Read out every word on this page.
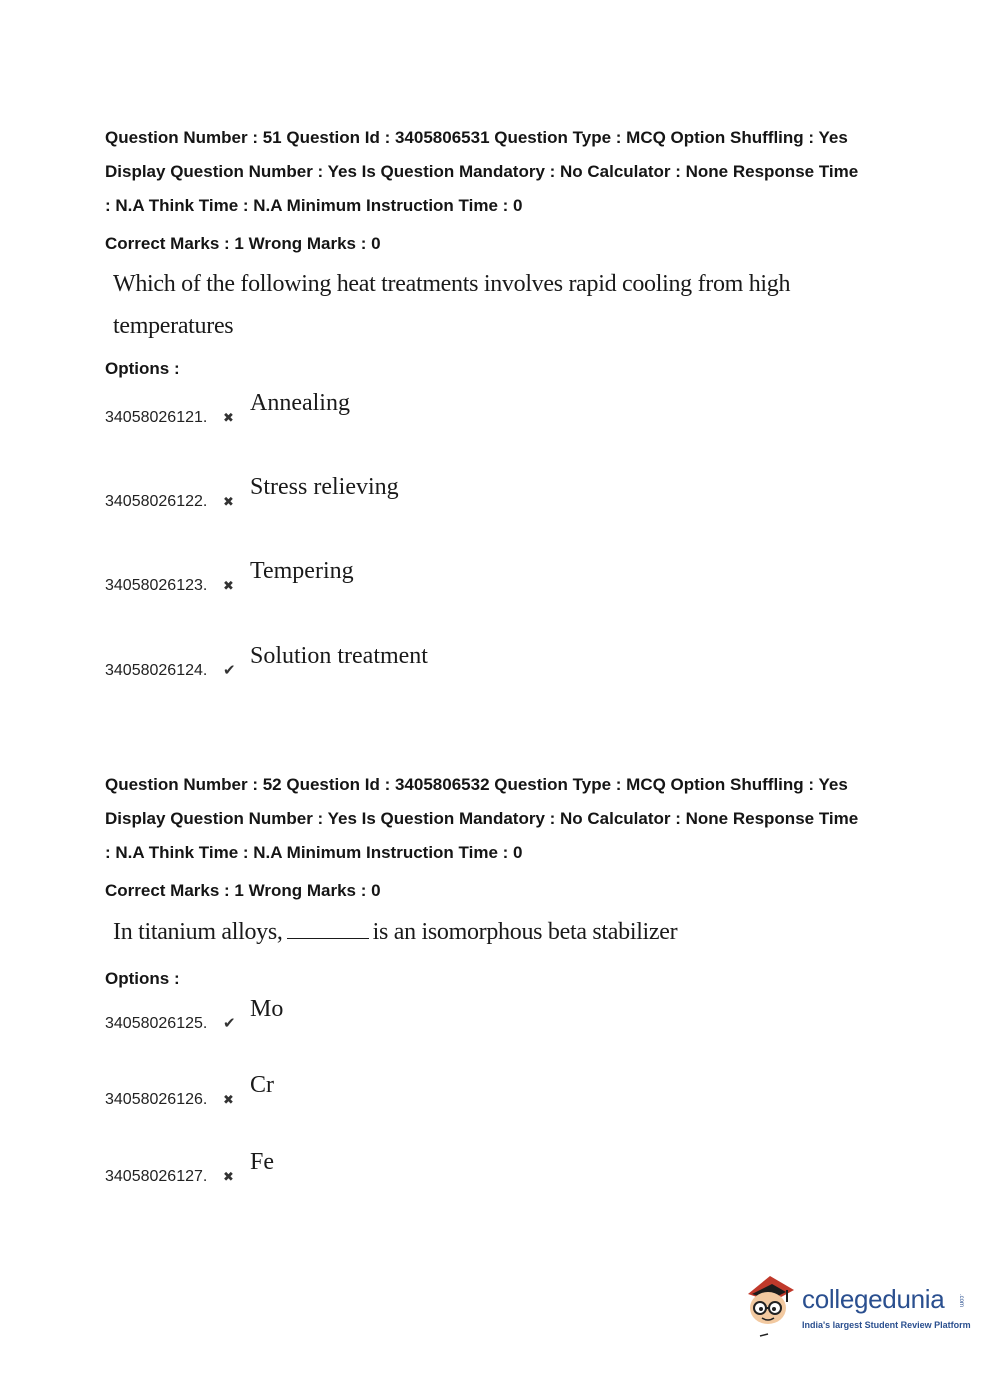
Question Number : 51 Question Id : 3405806531 Question Type : MCQ Option Shuffling : Yes
Display Question Number : Yes Is Question Mandatory : No Calculator : None Response Time
: N.A Think Time : N.A Minimum Instruction Time : 0
Correct Marks : 1 Wrong Marks : 0
Which of the following heat treatments involves rapid cooling from high
temperatures
Options :
34058026121. ✖
Annealing
34058026122. ✖
Stress relieving
34058026123. ✖
Tempering
34058026124. ✔
Solution treatment
Question Number : 52 Question Id : 3405806532 Question Type : MCQ Option Shuffling : Yes
Display Question Number : Yes Is Question Mandatory : No Calculator : None Response Time
: N.A Think Time : N.A Minimum Instruction Time : 0
Correct Marks : 1 Wrong Marks : 0
In titanium alloys,	is an isomorphous beta stabilizer
Options :
34058026125. ✔
Mo
34058026126. ✖
Cr
34058026127. ✖
Fe
collegedunia .com
India's largest Student Review Platform
